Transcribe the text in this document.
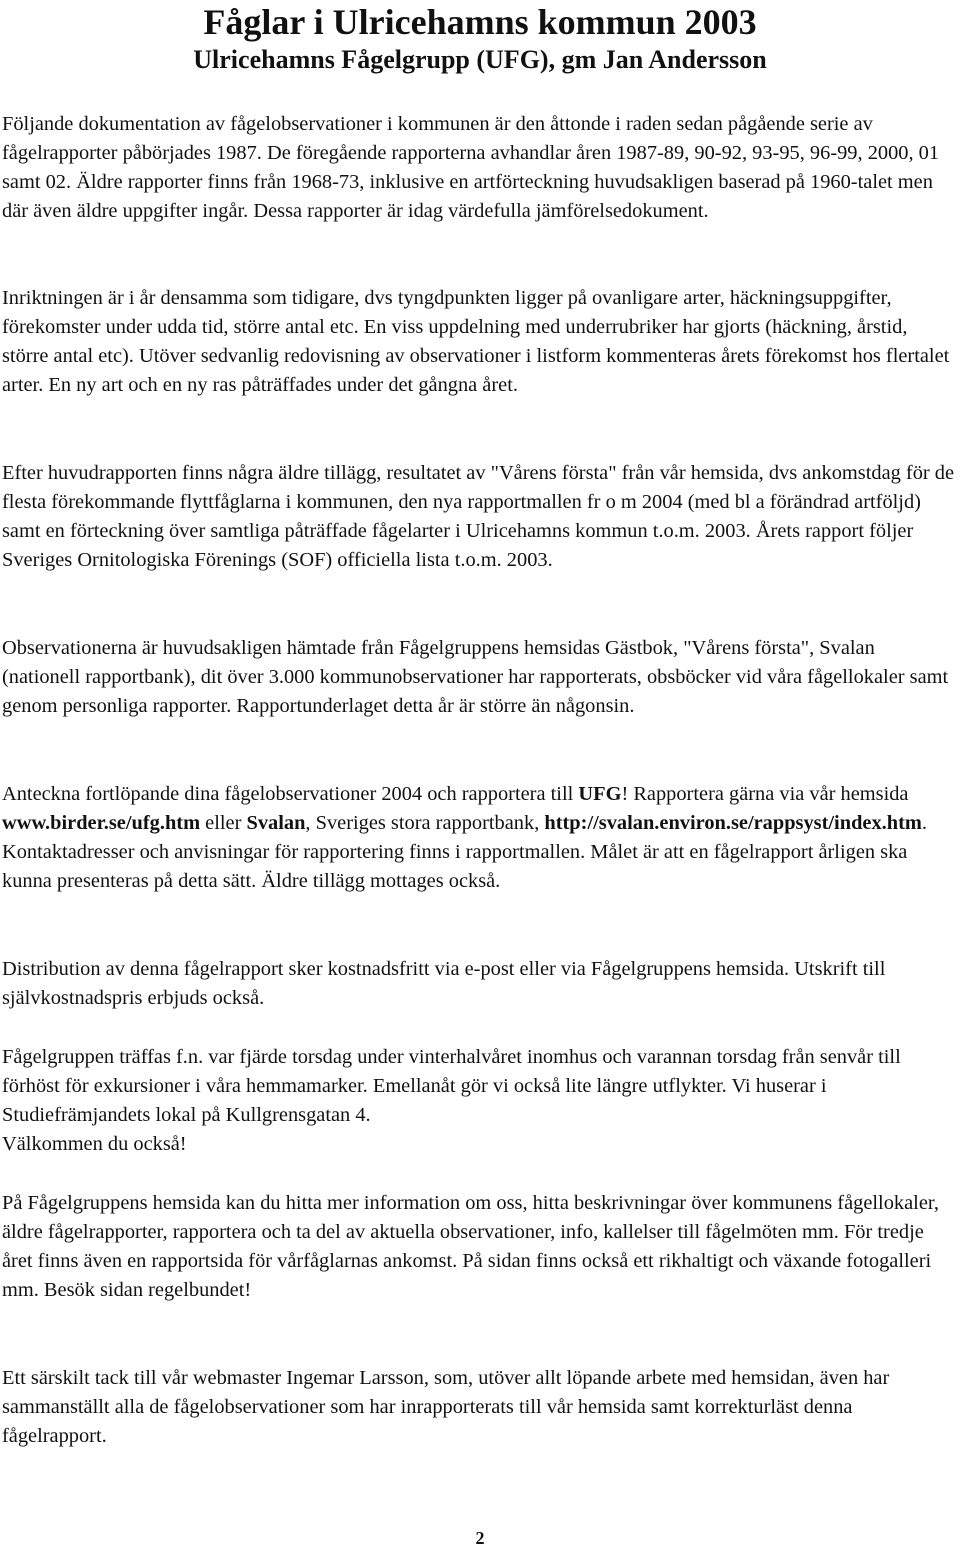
Fåglar i Ulricehamns kommun 2003
Ulricehamns Fågelgrupp (UFG), gm Jan Andersson

Följande dokumentation av fågelobservationer i kommunen är den åttonde i raden sedan pågående serie av fågelrapporter påbörjades 1987. De föregående rapporterna avhandlar åren 1987-89, 90-92, 93-95, 96-99, 2000, 01 samt 02. Äldre rapporter finns från 1968-73, inklusive en artförteckning huvudsakligen baserad på 1960-talet men där även äldre uppgifter ingår. Dessa rapporter är idag värdefulla jämförelsedokument.

Inriktningen är i år densamma som tidigare, dvs tyngdpunkten ligger på ovanligare arter, häckningsuppgifter, förekomster under udda tid, större antal etc. En viss uppdelning med underrubriker har gjorts (häckning, årstid, större antal etc). Utöver sedvanlig redovisning av observationer i listform kommenteras årets förekomst hos flertalet arter. En ny art och en ny ras påträffades under det gångna året.

Efter huvudrapporten finns några äldre tillägg, resultatet av "Vårens första" från vår hemsida, dvs ankomstdag för de flesta förekommande flyttfåglarna i kommunen, den nya rapportmallen fr o m 2004 (med bl a förändrad artföljd) samt en förteckning över samtliga påträffade fågelarter i Ulricehamns kommun t.o.m. 2003. Årets rapport följer Sveriges Ornitologiska Förenings (SOF) officiella lista t.o.m. 2003.

Observationerna är huvudsakligen hämtade från Fågelgruppens hemsidas Gästbok, "Vårens första", Svalan (nationell rapportbank), dit över 3.000 kommunobservationer har rapporterats, obsböcker vid våra fågellokaler samt genom personliga rapporter. Rapportunderlaget detta år är större än någonsin.

Anteckna fortlöpande dina fågelobservationer 2004 och rapportera till UFG! Rapportera gärna via vår hemsida www.birder.se/ufg.htm eller Svalan, Sveriges stora rapportbank, http://svalan.environ.se/rappsyst/index.htm. Kontaktadresser och anvisningar för rapportering finns i rapportmallen. Målet är att en fågelrapport årligen ska kunna presenteras på detta sätt. Äldre tillägg mottages också.

Distribution av denna fågelrapport sker kostnadsfritt via e-post eller via Fågelgruppens hemsida. Utskrift till självkostnadspris erbjuds också.

Fågelgruppen träffas f.n. var fjärde torsdag under vinterhalvåret inomhus och varannan torsdag från senvår till förhöst för exkursioner i våra hemmamarker. Emellanåt gör vi också lite längre utflykter. Vi huserar i Studiefrämjandets lokal på Kullgrensgatan 4.
Välkommen du också!

På Fågelgruppens hemsida kan du hitta mer information om oss, hitta beskrivningar över kommunens fågellokaler, äldre fågelrapporter, rapportera och ta del av aktuella observationer, info, kallelser till fågelmöten mm. För tredje året finns även en rapportsida för vårfåglarnas ankomst. På sidan finns också ett rikhaltigt och växande fotogalleri mm. Besök sidan regelbundet!

Ett särskilt tack till vår webmaster Ingemar Larsson, som, utöver allt löpande arbete med hemsidan, även har sammanställt alla de fågelobservationer som har inrapporterats till vår hemsida samt korrekturläst denna fågelrapport.

2
